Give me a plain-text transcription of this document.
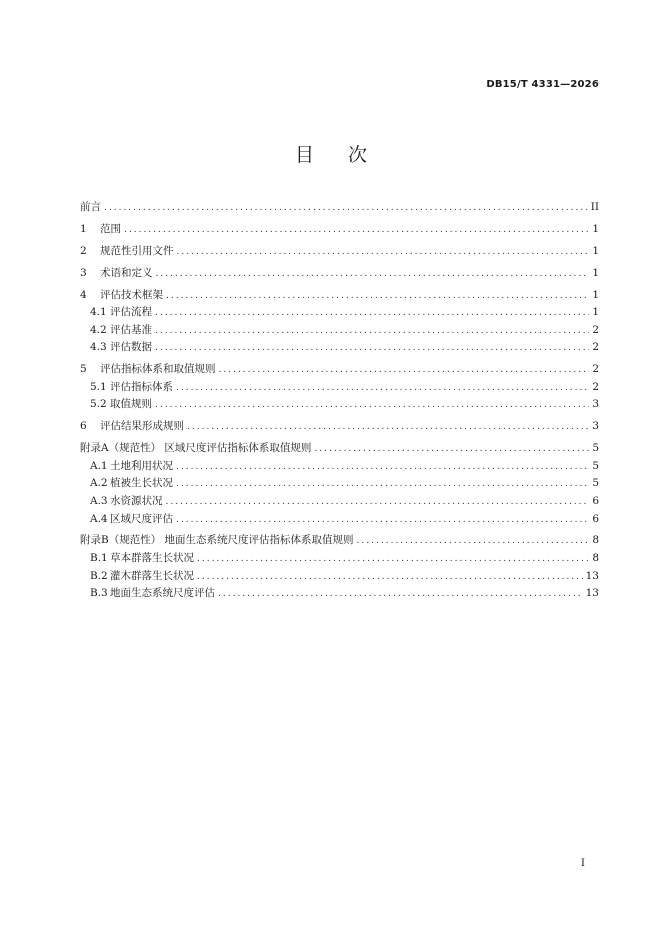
DB15/T 4331—2026
目次
前言 .....	II
1	范围 .....	1
2	规范性引用文件 .....	1
3	术语和定义 .....	1
4	评估技术框架 .....	1
4.1 评估流程 .....	1
4.2 评估基准 .....	2
4.3 评估数据 .....	2
5	评估指标体系和取值规则 .....	2
5.1 评估指标体系 .....	2
5.2 取值规则 .....	3
6	评估结果形成规则 .....	3
附录A（规范性） 区域尺度评估指标体系取值规则 .....	5
A.1 土地利用状况 .....	5
A.2 植被生长状况 .....	5
A.3 水资源状况 .....	6
A.4 区域尺度评估 .....	6
附录B（规范性） 地面生态系统尺度评估指标体系取值规则 .....	8
B.1 草本群落生长状况 .....	8
B.2 灌木群落生长状况 .....	13
B.3 地面生态系统尺度评估 .....	13
I
